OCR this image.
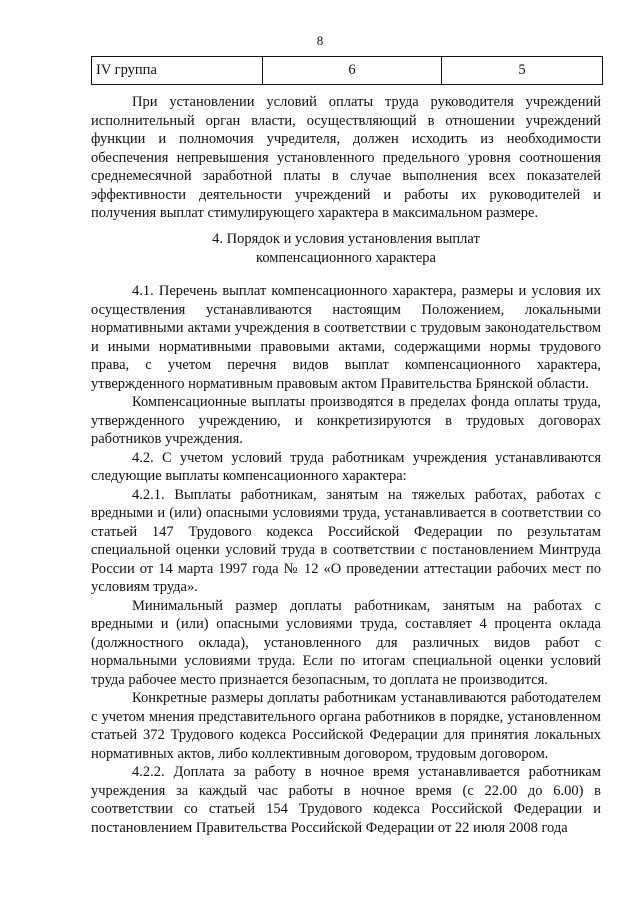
8
IV группа	6	5

При установлении условий оплаты труда руководителя учреждений исполнительный орган власти, осуществляющий в отношении учреждений функции и полномочия учредителя, должен исходить из необходимости обеспечения непревышения установленного предельного уровня соотношения среднемесячной заработной платы в случае выполнения всех показателей эффективности деятельности учреждений и работы их руководителей и получения выплат стимулирующего характера в максимальном размере.

4. Порядок и условия установления выплат

компенсационного характера

4.1. Перечень выплат компенсационного характера, размеры и условия их осуществления устанавливаются настоящим Положением, локальными нормативными актами учреждения в соответствии с трудовым законодательством и иными нормативными правовыми актами, содержащими нормы трудового права, с учетом перечня видов выплат компенсационного характера, утвержденного нормативным правовым актом Правительства Брянской области.

Компенсационные выплаты производятся в пределах фонда оплаты труда, утвержденного учреждению, и конкретизируются в трудовых договорах работников учреждения.

4.2. С учетом условий труда работникам учреждения устанавливаются следующие выплаты компенсационного характера:

4.2.1. Выплаты работникам, занятым на тяжелых работах, работах с вредными и (или) опасными условиями труда, устанавливается в соответствии со статьей 147 Трудового кодекса Российской Федерации по результатам специальной оценки условий труда в соответствии с постановлением Минтруда России от 14 марта 1997 года № 12 «О проведении аттестации рабочих мест по условиям труда».

Минимальный размер доплаты работникам, занятым на работах с вредными и (или) опасными условиями труда, составляет 4 процента оклада (должностного оклада), установленного для различных видов работ с нормальными условиями труда. Если по итогам специальной оценки условий труда рабочее место признается безопасным, то доплата не производится.

Конкретные размеры доплаты работникам устанавливаются работодателем с учетом мнения представительного органа работников в порядке, установленном статьей 372 Трудового кодекса Российской Федерации для принятия локальных нормативных актов, либо коллективным договором, трудовым договором.

4.2.2. Доплата за работу в ночное время устанавливается работникам учреждения за каждый час работы в ночное время (с 22.00 до 6.00) в соответствии со статьей 154 Трудового кодекса Российской Федерации и постановлением Правительства Российской Федерации от 22 июля 2008 года
